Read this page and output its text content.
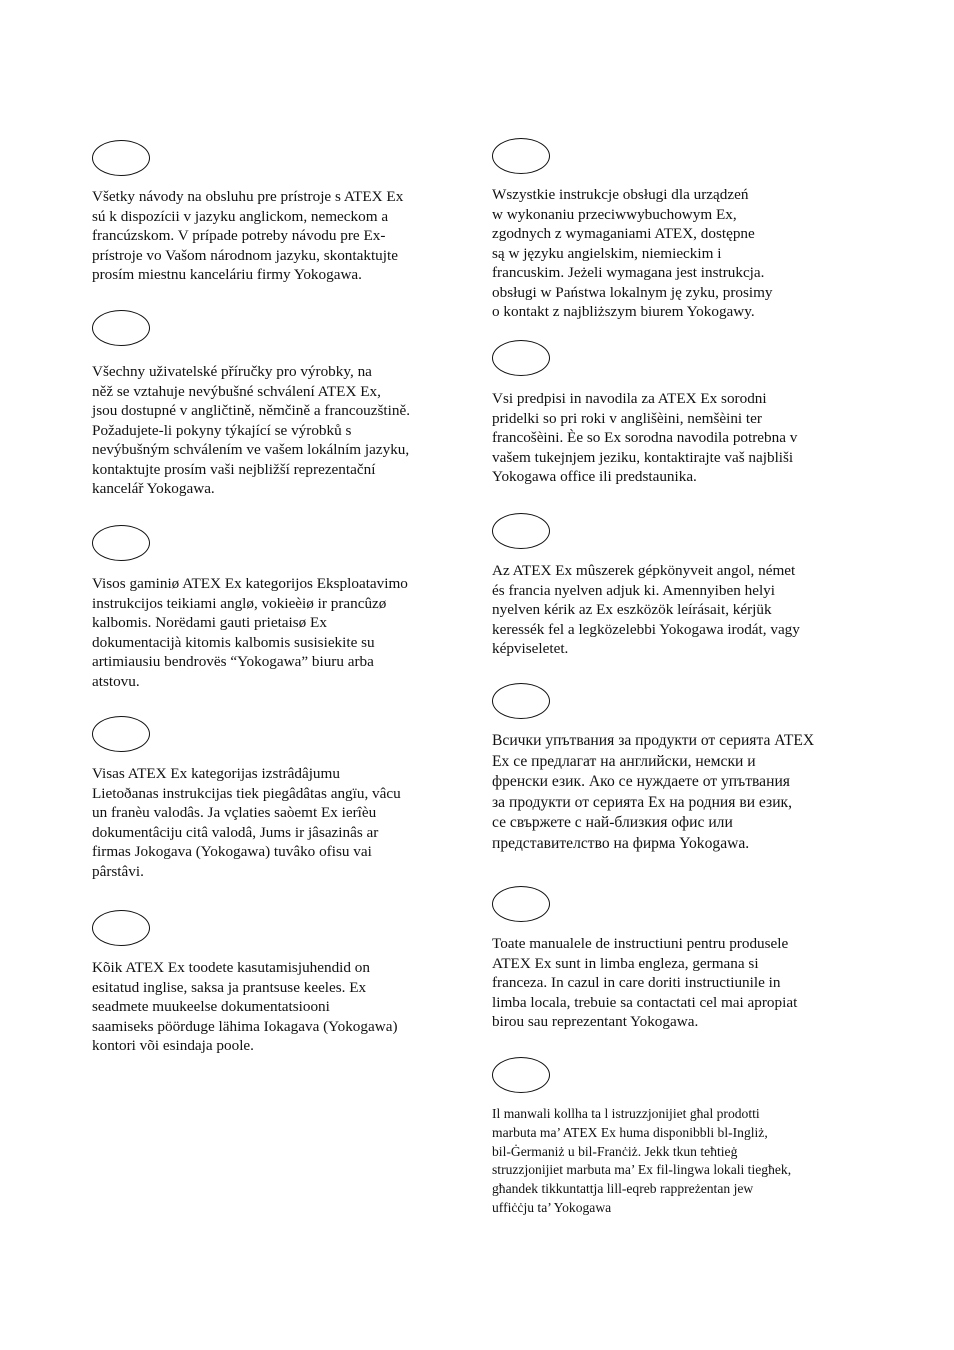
Všetky návody na obsluhu pre prístroje s ATEX Ex
sú k dispozícii v jazyku anglickom, nemeckom a
francúzskom. V prípade potreby návodu pre Ex-
prístroje vo Vašom národnom jazyku, skontaktujte
prosím miestnu kanceláriu firmy Yokogawa.

Všechny uživatelské příručky pro výrobky, na
něž se vztahuje nevýbušné schválení ATEX Ex,
jsou dostupné v angličtině, němčině a francouzštině.
Požadujete-li pokyny týkající se výrobků s
nevýbušným schválením ve vašem lokálním jazyku,
kontaktujte prosím vaši nejbližší reprezentační
kancelář Yokogawa.

Visos gaminiø ATEX Ex kategorijos Eksploatavimo
instrukcijos teikiami anglø, vokieèiø ir prancûzø
kalbomis. Norëdami gauti prietaisø Ex
dokumentacijà kitomis kalbomis susisiekite su
artimiausiu bendrovës “Yokogawa” biuru arba
atstovu.

Visas ATEX Ex kategorijas izstrâdâjumu
Lietoðanas instrukcijas tiek piegâdâtas angïu, vâcu
un franèu valodâs. Ja vçlaties saòemt Ex ierîèu
dokumentâciju citâ valodâ, Jums ir jâsazinâs ar
firmas Jokogava (Yokogawa) tuvâko ofisu vai
pârstâvi.

Kõik ATEX Ex toodete kasutamisjuhendid on
esitatud inglise, saksa ja prantsuse keeles. Ex
seadmete muukeelse dokumentatsiooni
saamiseks pöörduge lähima Iokagava (Yokogawa)
kontori või esindaja poole.

Wszystkie instrukcje obsługi dla urządzeń
w wykonaniu przeciwwybuchowym Ex,
zgodnych z wymaganiami ATEX, dostępne
są w języku angielskim, niemieckim i
francuskim. Jeżeli wymagana jest instrukcja.
obsługi w Państwa lokalnym ję zyku, prosimy
o kontakt z najbliższym biurem Yokogawy.

Vsi predpisi in navodila za ATEX Ex sorodni
pridelki so pri roki v anglišèini, nemšèini ter
francošèini. Èe so Ex sorodna navodila potrebna v
vašem tukejnjem jeziku, kontaktirajte vaš najbliši
Yokogawa office ili predstaunika.

Az ATEX Ex mûszerek gépkönyveit angol, német
és francia nyelven adjuk ki. Amennyiben helyi
nyelven kérik az Ex eszközök leírásait, kérjük
keressék fel a legközelebbi Yokogawa irodát, vagy
képviseletet.

Всички упътвания за продукти от серията ATEX
Ex се предлагат на английски, немски и
френски език. Ако се нуждаете от упътвания
за продукти от серията Ex на родния ви език,
се свържете с най-близкия офис или
представителство на фирма Yokogawa.

Toate manualele de instructiuni pentru produsele
ATEX Ex sunt in limba engleza, germana si
franceza. In cazul in care doriti instructiunile in
limba locala, trebuie sa contactati cel mai apropiat
birou sau reprezentant Yokogawa.

Il manwali kollha ta l istruzzjonijiet għal prodotti
marbuta ma’ ATEX Ex huma disponibbli bl-Ingliż,
bil-Ġermaniż u bil-Franċiż. Jekk tkun teħtieġ
struzzjonijiet marbuta ma’ Ex fil-lingwa lokali tiegħek,
għandek tikkuntattja lill-eqreb rappreżentan jew
uffiċċju ta’ Yokogawa
